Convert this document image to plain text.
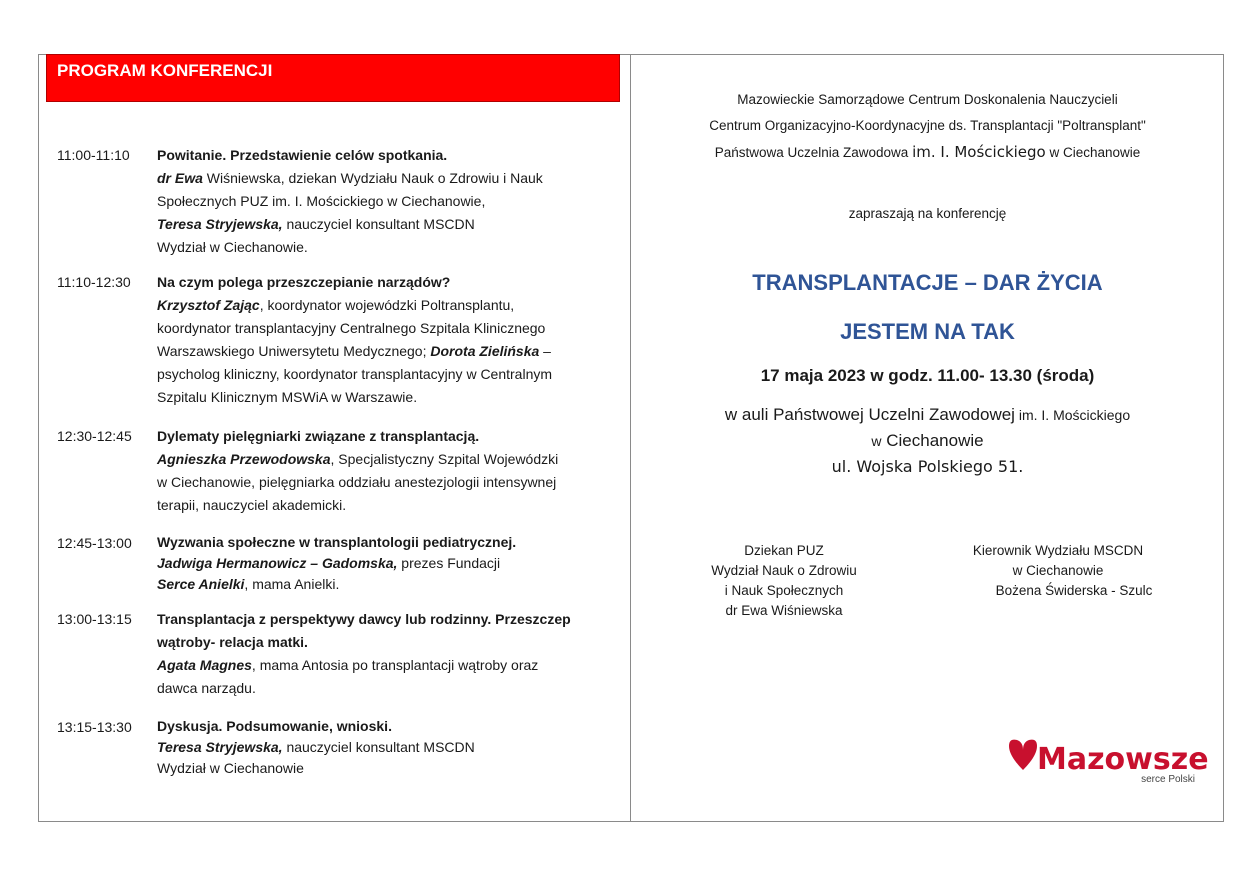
PROGRAM KONFERENCJI
11:00-11:10	Powitanie. Przedstawienie celów spotkania.
dr Ewa Wiśniewska, dziekan Wydziału Nauk o Zdrowiu i Nauk
Społecznych PUZ im. I. Mościckiego w Ciechanowie,
Teresa Stryjewska, nauczyciel konsultant MSCDN
Wydział w Ciechanowie.
11:10-12:30	Na czym polega przeszczepianie narządów?
Krzysztof Zając, koordynator wojewódzki Poltransplantu,
koordynator transplantacyjny Centralnego Szpitala Klinicznego
Warszawskiego Uniwersytetu Medycznego; Dorota Zielińska –
psycholog kliniczny, koordynator transplantacyjny w Centralnym
Szpitalu Klinicznym MSWiA w Warszawie.
12:30-12:45	Dylematy pielęgniarki związane z transplantacją.
Agnieszka Przewodowska, Specjalistyczny Szpital Wojewódzki
w Ciechanowie, pielęgniarka oddziału anestezjologii intensywnej
terapii, nauczyciel akademicki.
12:45-13:00	Wyzwania społeczne w transplantologii pediatrycznej.
Jadwiga Hermanowicz – Gadomska, prezes Fundacji
Serce Anielki, mama Anielki.
13:00-13:15	Transplantacja z perspektywy dawcy lub rodzinny. Przeszczep
wątroby- relacja matki.
Agata Magnes, mama Antosia po transplantacji wątroby oraz
dawca narządu.
13:15-13:30	Dyskusja. Podsumowanie, wnioski.
Teresa Stryjewska, nauczyciel konsultant MSCDN
Wydział w Ciechanowie
Mazowieckie Samorządowe Centrum Doskonalenia Nauczycieli
Centrum Organizacyjno-Koordynacyjne ds. Transplantacji "Poltransplant"
Państwowa Uczelnia Zawodowa im. I. Mościckiego w Ciechanowie
zapraszają na konferencję
TRANSPLANTACJE – DAR ŻYCIA
JESTEM NA TAK
17 maja 2023 w godz. 11.00- 13.30 (środa)
w auli Państwowej Uczelni Zawodowej im. I. Mościckiego
w Ciechanowie
ul. Wojska Polskiego 51.
Dziekan PUZ
Wydział Nauk o Zdrowiu
i Nauk Społecznych
dr Ewa Wiśniewska
Kierownik Wydziału MSCDN
w Ciechanowie
Bożena Świderska - Szulc
Mazowsze.
serce Polski
